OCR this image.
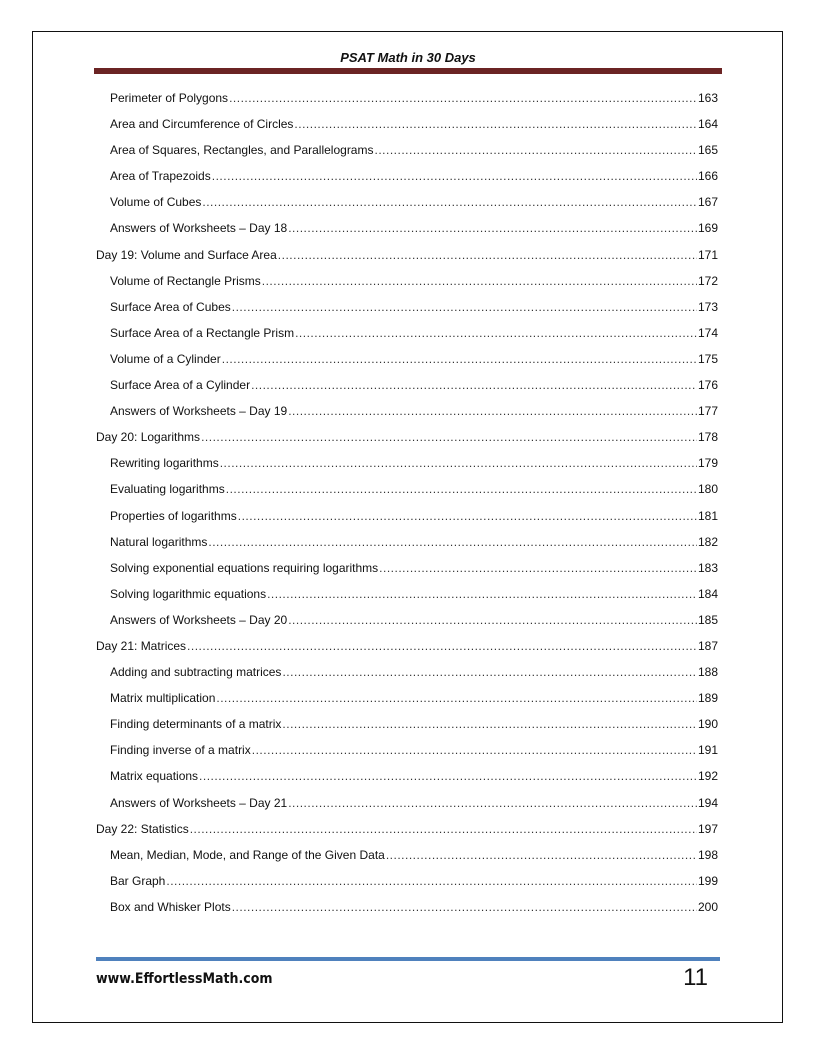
PSAT Math in 30 Days
Perimeter of Polygons .....	163
Area and Circumference of Circles .....	164
Area of Squares, Rectangles, and Parallelograms .....	165
Area of Trapezoids .....	166
Volume of Cubes .....	167
Answers of Worksheets – Day 18 .....	169
Day 19: Volume and Surface Area .....	171
Volume of Rectangle Prisms .....	172
Surface Area of Cubes .....	173
Surface Area of a Rectangle Prism .....	174
Volume of a Cylinder .....	175
Surface Area of a Cylinder .....	176
Answers of Worksheets – Day 19 .....	177
Day 20: Logarithms .....	178
Rewriting logarithms .....	179
Evaluating logarithms .....	180
Properties of logarithms .....	181
Natural logarithms .....	182
Solving exponential equations requiring logarithms .....	183
Solving logarithmic equations .....	184
Answers of Worksheets – Day 20 .....	185
Day 21: Matrices .....	187
Adding and subtracting matrices .....	188
Matrix multiplication .....	189
Finding determinants of a matrix .....	190
Finding inverse of a matrix .....	191
Matrix equations .....	192
Answers of Worksheets – Day 21 .....	194
Day 22: Statistics .....	197
Mean, Median, Mode, and Range of the Given Data .....	198
Bar Graph .....	199
Box and Whisker Plots .....	200
www.EffortlessMath.com	11
